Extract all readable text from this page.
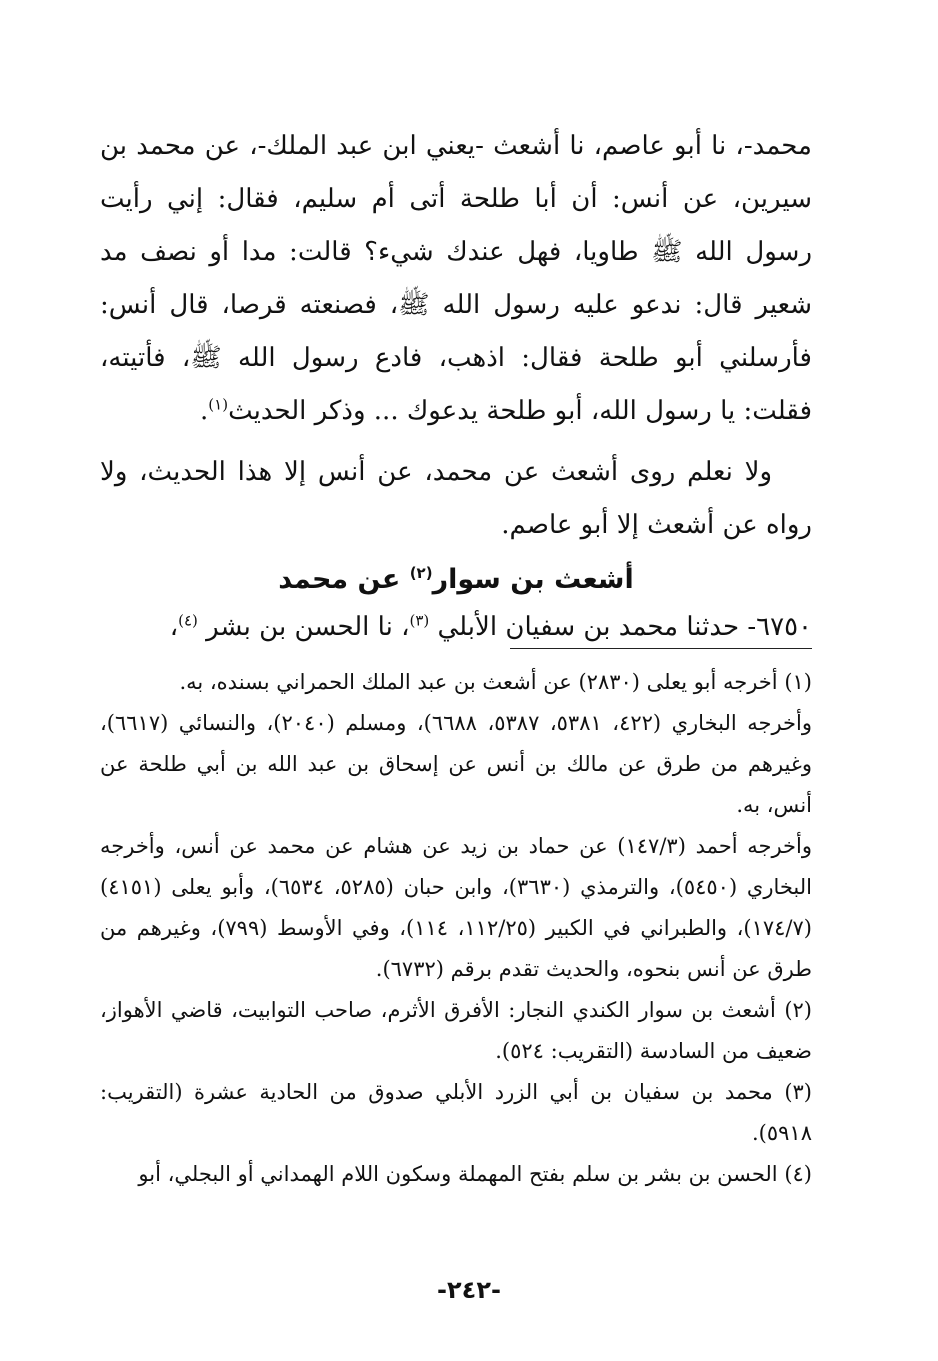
محمد-، نا أبو عاصم، نا أشعث -يعني ابن عبد الملك-، عن محمد بن سيرين، عن أنس: أن أبا طلحة أتى أم سليم، فقال: إني رأيت رسول الله ﷺ طاويا، فهل عندك شيء؟ قالت: مدا أو نصف مد شعير قال: ندعو عليه رسول الله ﷺ، فصنعته قرصا، قال أنس: فأرسلني أبو طلحة فقال: اذهب، فادع رسول الله ﷺ، فأتيته، فقلت: يا رسول الله، أبو طلحة يدعوك ... وذكر الحديث$^{(١)}$.

ولا نعلم روى أشعث عن محمد، عن أنس إلا هذا الحديث، ولا رواه عن أشعث إلا أبو عاصم.

أشعث بن سوار$^{(٢)}$ عن محمد

٦٧٥٠- حدثنا محمد بن سفيان الأبلي $^{(٣)}$، نا الحسن بن بشر $^{(٤)}$،

(١) أخرجه أبو يعلى (٢٨٣٠) عن أشعث بن عبد الملك الحمراني بسنده، به.

وأخرجه البخاري (٤٢٢، ٥٣٨١، ٥٣٨٧، ٦٦٨٨)، ومسلم (٢٠٤٠)، والنسائي (٦٦١٧)، وغيرهم من طرق عن مالك بن أنس عن إسحاق بن عبد الله بن أبي طلحة عن أنس، به.

وأخرجه أحمد (١٤٧/٣) عن حماد بن زيد عن هشام عن محمد عن أنس، وأخرجه البخاري (٥٤٥٠)، والترمذي (٣٦٣٠)، وابن حبان (٥٢٨٥، ٦٥٣٤)، وأبو يعلى (٤١٥١) (١٧٤/٧)، والطبراني في الكبير (١١٢/٢٥، ١١٤)، وفي الأوسط (٧٩٩)، وغيرهم من طرق عن أنس بنحوه، والحديث تقدم برقم (٦٧٣٢).

(٢) أشعث بن سوار الكندي النجار: الأفرق الأثرم، صاحب التوابيت، قاضي الأهواز، ضعيف من السادسة (التقريب: ٥٢٤).

(٣) محمد بن سفيان بن أبي الزرد الأبلي صدوق من الحادية عشرة (التقريب: ٥٩١٨).

(٤) الحسن بن بشر بن سلم بفتح المهملة وسكون اللام الهمداني أو البجلي، أبو

-٢٤٢-
